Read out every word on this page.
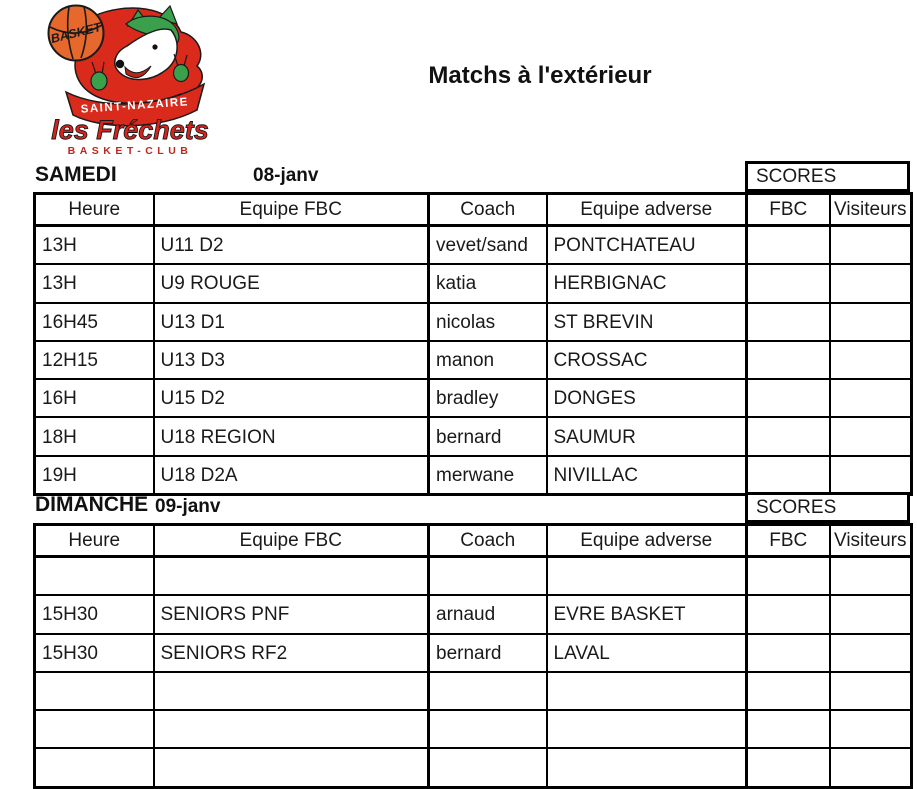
BASKET
SAINT-NAZAIRE
les Fréchets
BASKET-CLUB
Matchs à l'extérieur
SAMEDI	08-janv	SCORES
Heure	Equipe FBC	Coach	Equipe adverse	FBC	Visiteurs
13H	U11 D2	vevet/sand	PONTCHATEAU		
13H	U9 ROUGE	katia	HERBIGNAC		
16H45	U13 D1	nicolas	ST BREVIN		
12H15	U13 D3	manon	CROSSAC		
16H	U15 D2	bradley	DONGES		
18H	U18 REGION	bernard	SAUMUR		
19H	U18 D2A	merwane	NIVILLAC		
DIMANCHE 09-janv	SCORES
Heure	Equipe FBC	Coach	Equipe adverse	FBC	Visiteurs

15H30	SENIORS PNF	arnaud	EVRE BASKET		
15H30	SENIORS RF2	bernard	LAVAL		
